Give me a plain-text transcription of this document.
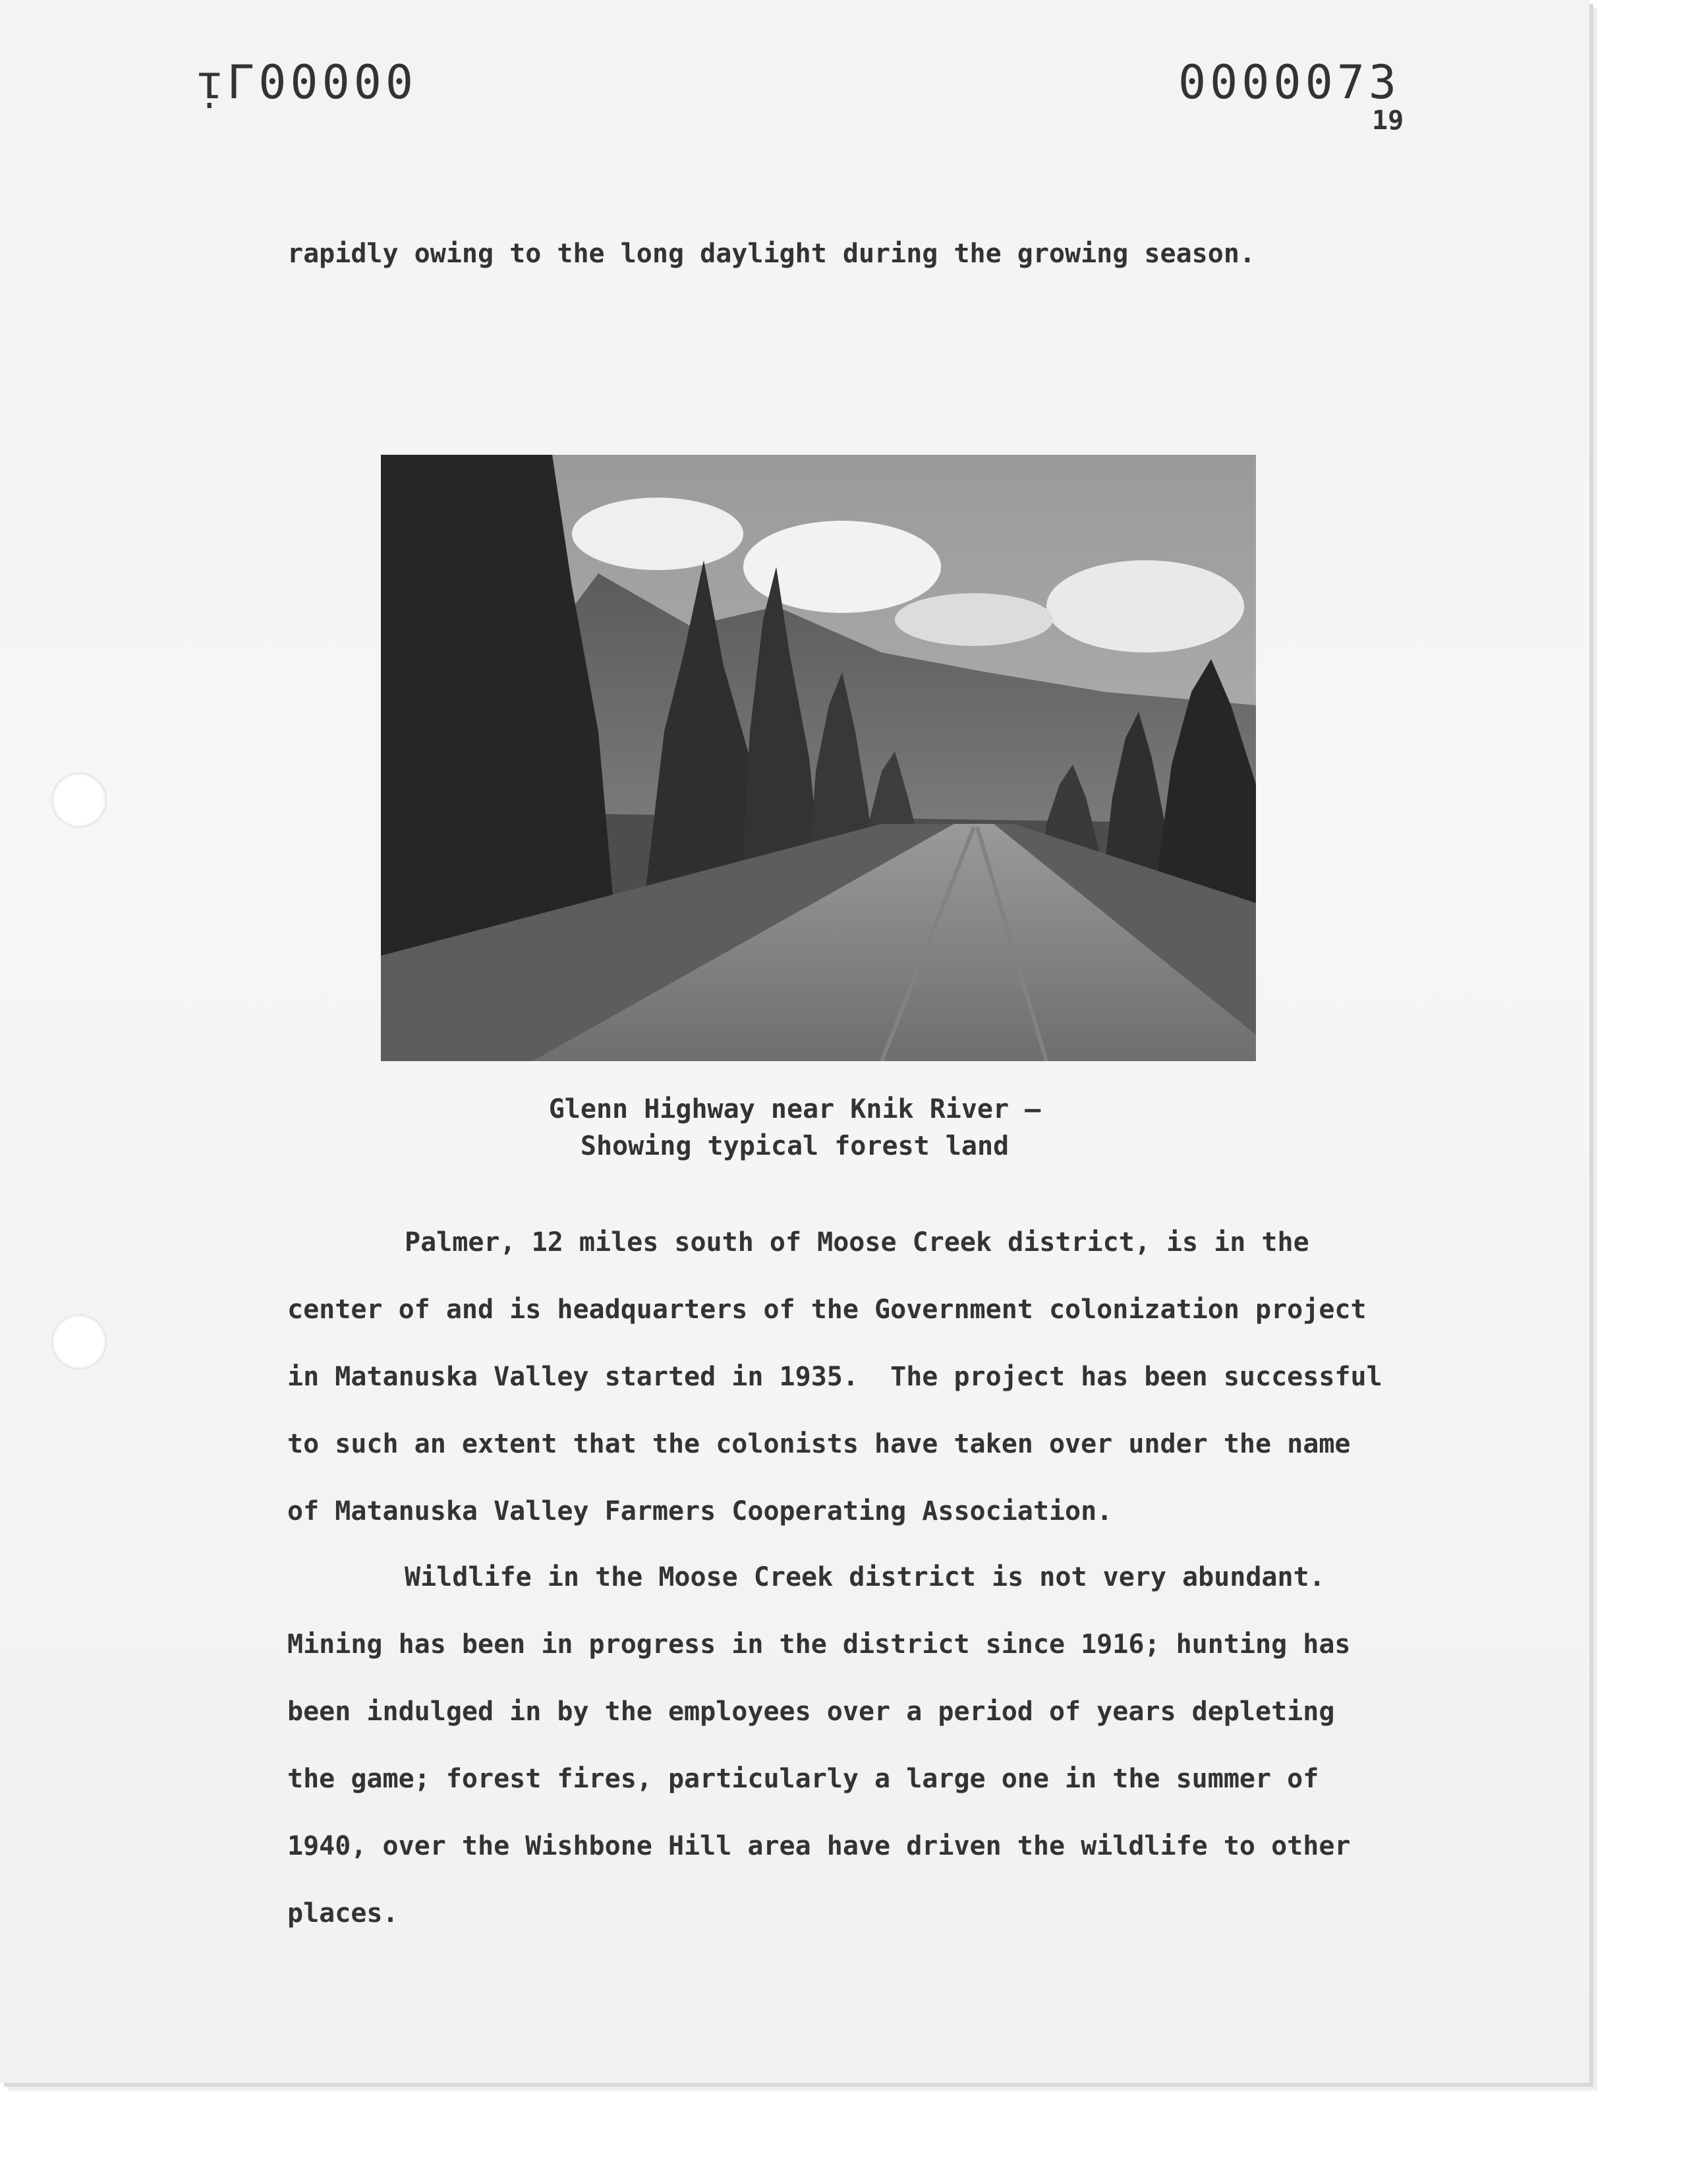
ᴉΓ00000	0000073
19
rapidly owing to the long daylight during the growing season.
Glenn Highway near Knik River —
Showing typical forest land
Palmer, 12 miles south of Moose Creek district, is in the
center of and is headquarters of the Government colonization project
in Matanuska Valley started in 1935.  The project has been successful
to such an extent that the colonists have taken over under the name
of Matanuska Valley Farmers Cooperating Association.
Wildlife in the Moose Creek district is not very abundant.
Mining has been in progress in the district since 1916; hunting has
been indulged in by the employees over a period of years depleting
the game; forest fires, particularly a large one in the summer of
1940, over the Wishbone Hill area have driven the wildlife to other
places.
